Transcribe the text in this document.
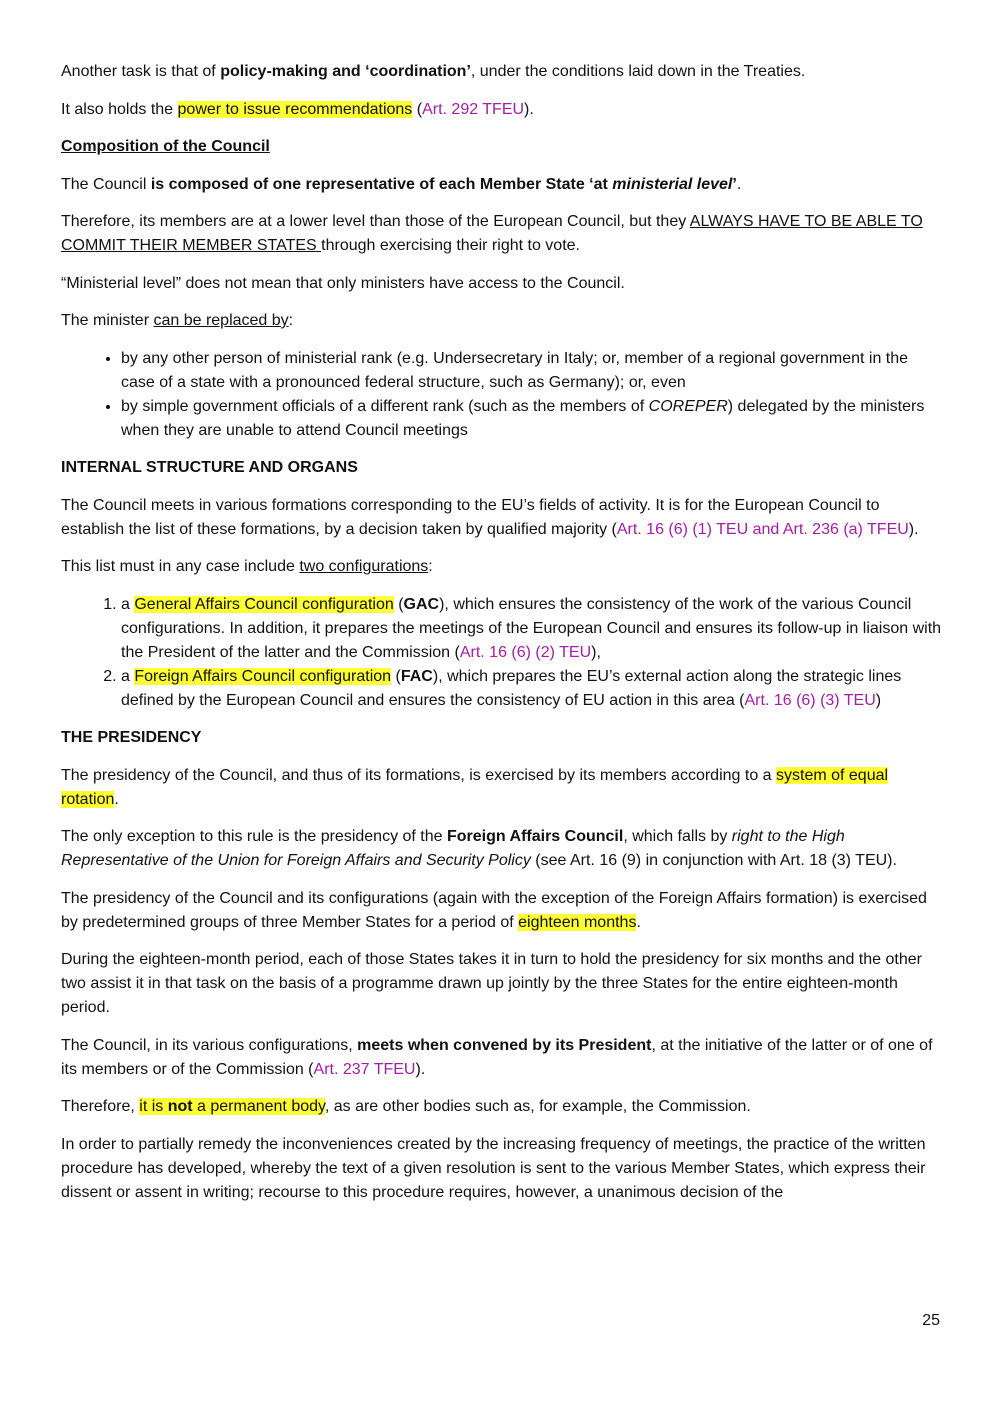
Another task is that of policy-making and ‘coordination’, under the conditions laid down in the Treaties.

It also holds the power to issue recommendations (Art. 292 TFEU).

Composition of the Council

The Council is composed of one representative of each Member State ‘at ministerial level’.

Therefore, its members are at a lower level than those of the European Council, but they ALWAYS HAVE TO BE ABLE TO COMMIT THEIR MEMBER STATES through exercising their right to vote.

“Ministerial level” does not mean that only ministers have access to the Council.

The minister can be replaced by:

• by any other person of ministerial rank (e.g. Undersecretary in Italy; or, member of a regional government in the case of a state with a pronounced federal structure, such as Germany); or, even
• by simple government officials of a different rank (such as the members of COREPER) delegated by the ministers when they are unable to attend Council meetings

INTERNAL STRUCTURE AND ORGANS

The Council meets in various formations corresponding to the EU’s fields of activity. It is for the European Council to establish the list of these formations, by a decision taken by qualified majority (Art. 16 (6) (1) TEU and Art. 236 (a) TFEU).

This list must in any case include two configurations:

1. a General Affairs Council configuration (GAC), which ensures the consistency of the work of the various Council configurations. In addition, it prepares the meetings of the European Council and ensures its follow-up in liaison with the President of the latter and the Commission (Art. 16 (6) (2) TEU),
2. a Foreign Affairs Council configuration (FAC), which prepares the EU’s external action along the strategic lines defined by the European Council and ensures the consistency of EU action in this area (Art. 16 (6) (3) TEU)

THE PRESIDENCY

The presidency of the Council, and thus of its formations, is exercised by its members according to a system of equal rotation.

The only exception to this rule is the presidency of the Foreign Affairs Council, which falls by right to the High Representative of the Union for Foreign Affairs and Security Policy (see Art. 16 (9) in conjunction with Art. 18 (3) TEU).

The presidency of the Council and its configurations (again with the exception of the Foreign Affairs formation) is exercised by predetermined groups of three Member States for a period of eighteen months.

During the eighteen-month period, each of those States takes it in turn to hold the presidency for six months and the other two assist it in that task on the basis of a programme drawn up jointly by the three States for the entire eighteen-month period.

The Council, in its various configurations, meets when convened by its President, at the initiative of the latter or of one of its members or of the Commission (Art. 237 TFEU).

Therefore, it is not a permanent body, as are other bodies such as, for example, the Commission.

In order to partially remedy the inconveniences created by the increasing frequency of meetings, the practice of the written procedure has developed, whereby the text of a given resolution is sent to the various Member States, which express their dissent or assent in writing; recourse to this procedure requires, however, a unanimous decision of the

25
